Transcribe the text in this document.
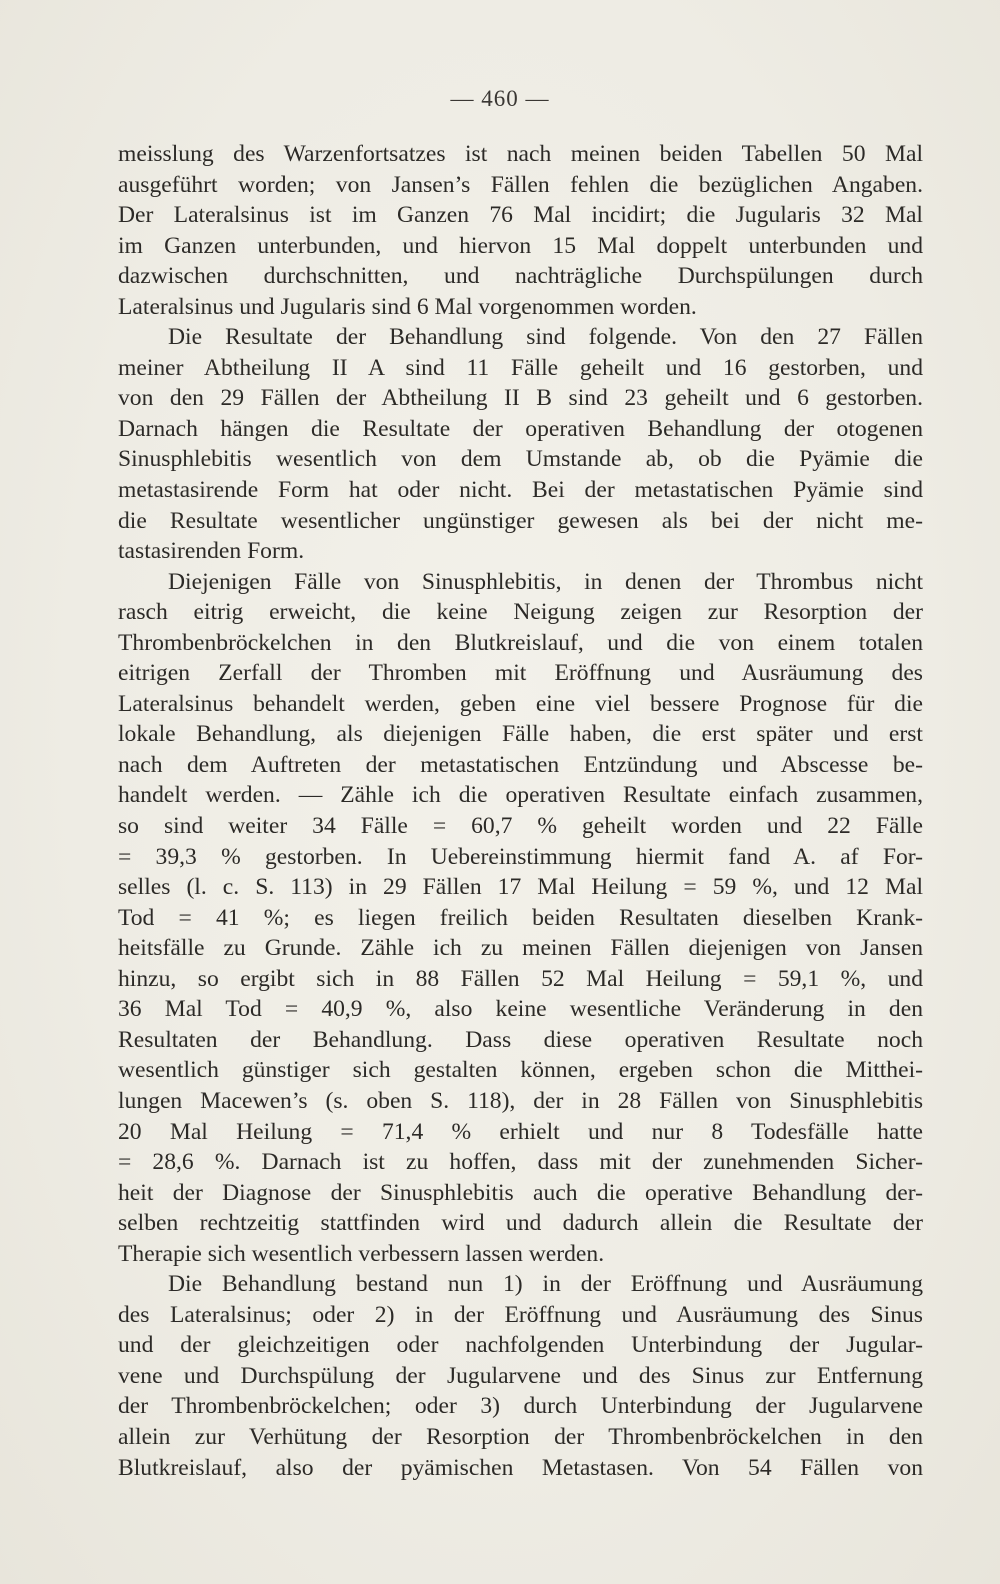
— 460 —
meisslung des Warzenfortsatzes ist nach meinen beiden Tabellen 50 Mal
ausgeführt worden; von Jansen’s Fällen fehlen die bezüglichen Angaben.
Der Lateralsinus ist im Ganzen 76 Mal incidirt; die Jugularis 32 Mal
im Ganzen unterbunden, und hiervon 15 Mal doppelt unterbunden und
dazwischen durchschnitten, und nachträgliche Durchspülungen durch
Lateralsinus und Jugularis sind 6 Mal vorgenommen worden.
Die Resultate der Behandlung sind folgende. Von den 27 Fällen
meiner Abtheilung II A sind 11 Fälle geheilt und 16 gestorben, und
von den 29 Fällen der Abtheilung II B sind 23 geheilt und 6 gestorben.
Darnach hängen die Resultate der operativen Behandlung der otogenen
Sinusphlebitis wesentlich von dem Umstande ab, ob die Pyämie die
metastasirende Form hat oder nicht. Bei der metastatischen Pyämie sind
die Resultate wesentlicher ungünstiger gewesen als bei der nicht me-
tastasirenden Form.
Diejenigen Fälle von Sinusphlebitis, in denen der Thrombus nicht
rasch eitrig erweicht, die keine Neigung zeigen zur Resorption der
Thrombenbröckelchen in den Blutkreislauf, und die von einem totalen
eitrigen Zerfall der Thromben mit Eröffnung und Ausräumung des
Lateralsinus behandelt werden, geben eine viel bessere Prognose für die
lokale Behandlung, als diejenigen Fälle haben, die erst später und erst
nach dem Auftreten der metastatischen Entzündung und Abscesse be-
handelt werden. — Zähle ich die operativen Resultate einfach zusammen,
so sind weiter 34 Fälle = 60,7 % geheilt worden und 22 Fälle
= 39,3 % gestorben. In Uebereinstimmung hiermit fand A. af For-
selles (l. c. S. 113) in 29 Fällen 17 Mal Heilung = 59 %, und 12 Mal
Tod = 41 %; es liegen freilich beiden Resultaten dieselben Krank-
heitsfälle zu Grunde. Zähle ich zu meinen Fällen diejenigen von Jansen
hinzu, so ergibt sich in 88 Fällen 52 Mal Heilung = 59,1 %, und
36 Mal Tod = 40,9 %, also keine wesentliche Veränderung in den
Resultaten der Behandlung. Dass diese operativen Resultate noch
wesentlich günstiger sich gestalten können, ergeben schon die Mitthei-
lungen Macewen’s (s. oben S. 118), der in 28 Fällen von Sinusphlebitis
20 Mal Heilung = 71,4 % erhielt und nur 8 Todesfälle hatte
= 28,6 %. Darnach ist zu hoffen, dass mit der zunehmenden Sicher-
heit der Diagnose der Sinusphlebitis auch die operative Behandlung der-
selben rechtzeitig stattfinden wird und dadurch allein die Resultate der
Therapie sich wesentlich verbessern lassen werden.
Die Behandlung bestand nun 1) in der Eröffnung und Ausräumung
des Lateralsinus; oder 2) in der Eröffnung und Ausräumung des Sinus
und der gleichzeitigen oder nachfolgenden Unterbindung der Jugular-
vene und Durchspülung der Jugularvene und des Sinus zur Entfernung
der Thrombenbröckelchen; oder 3) durch Unterbindung der Jugularvene
allein zur Verhütung der Resorption der Thrombenbröckelchen in den
Blutkreislauf, also der pyämischen Metastasen. Von 54 Fällen von
